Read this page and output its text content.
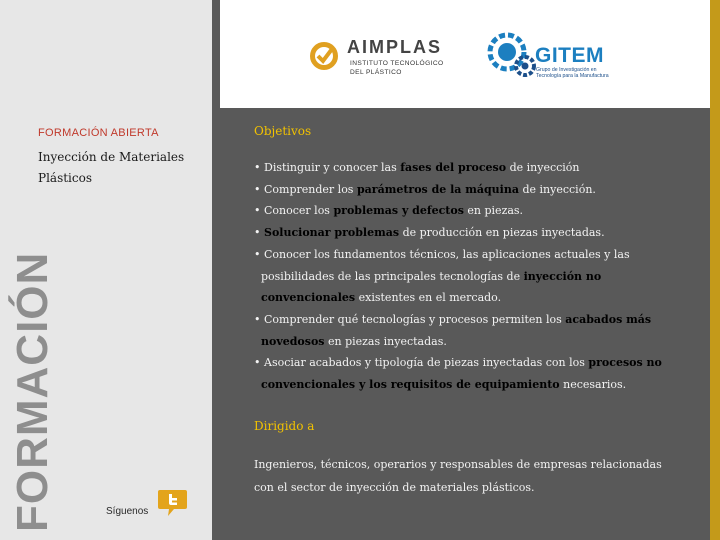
FORMACIÓN ABIERTA
Inyección de Materiales Plásticos
FORMACIÓN	Síguenos
AIMPLAS
INSTITUTO TECNOLÓGICO
DEL PLÁSTICO
GITEM
Grupo de Investigación en
Tecnología para la Manufactura
Objetivos
• Distinguir y conocer las fases del proceso de inyección
• Comprender los parámetros de la máquina de inyección.
• Conocer los problemas y defectos en piezas.
• Solucionar problemas de producción en piezas inyectadas.
• Conocer los fundamentos técnicos, las aplicaciones actuales y las posibilidades de las principales tecnologías de inyección no convencionales existentes en el mercado.
• Comprender qué tecnologías y procesos permiten los acabados más novedosos en piezas inyectadas.
• Asociar acabados y tipología de piezas inyectadas con los procesos no convencionales y los requisitos de equipamiento necesarios.
Dirigido a
Ingenieros, técnicos, operarios y responsables de empresas relacionadas con el sector de inyección de materiales plásticos.
